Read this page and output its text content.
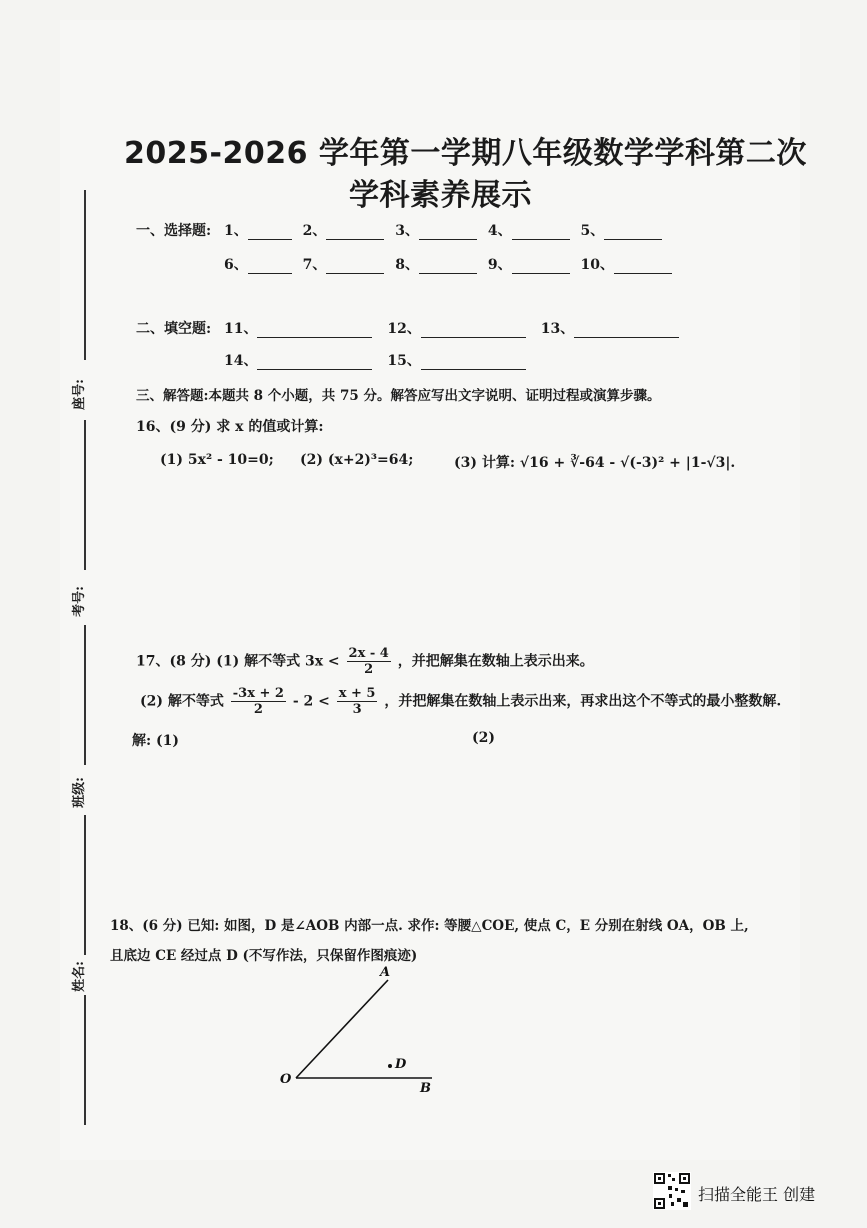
2025-2026 学年第一学期八年级数学学科第二次
学科素养展示
座号:
考号:
班级:
姓名:
一、选择题: 1、	2、	3、	4、	5、
6、	7、	8、	9、	10、
二、填空题: 11、	12、	13、
14、	15、
三、解答题:本题共 8 个小题，共 75 分。解答应写出文字说明、证明过程或演算步骤。
16、(9 分) 求 x 的值或计算:
(1) 5x² - 10=0; (2) (x+2)³=64;	(3) 计算: √16 + ∛-64 - √(-3)² + |1-√3|.
17、(8 分) (1) 解不等式 $3x < \frac{2x - 4}{2}$ ，并把解集在数轴上表示出来。
(2) 解不等式 $\frac{-3x + 2}{2} - 2 < \frac{x + 5}{3}$ ，并把解集在数轴上表示出来，再求出这个不等式的最小整数解.
解: (1)	(2)
18、(6 分) 已知: 如图，D 是∠AOB 内部一点. 求作: 等腰△COE, 使点 C，E 分别在射线 OA，OB 上,
且底边 CE 经过点 D (不写作法，只保留作图痕迹)
A
O
B
D
扫描全能王 创建
